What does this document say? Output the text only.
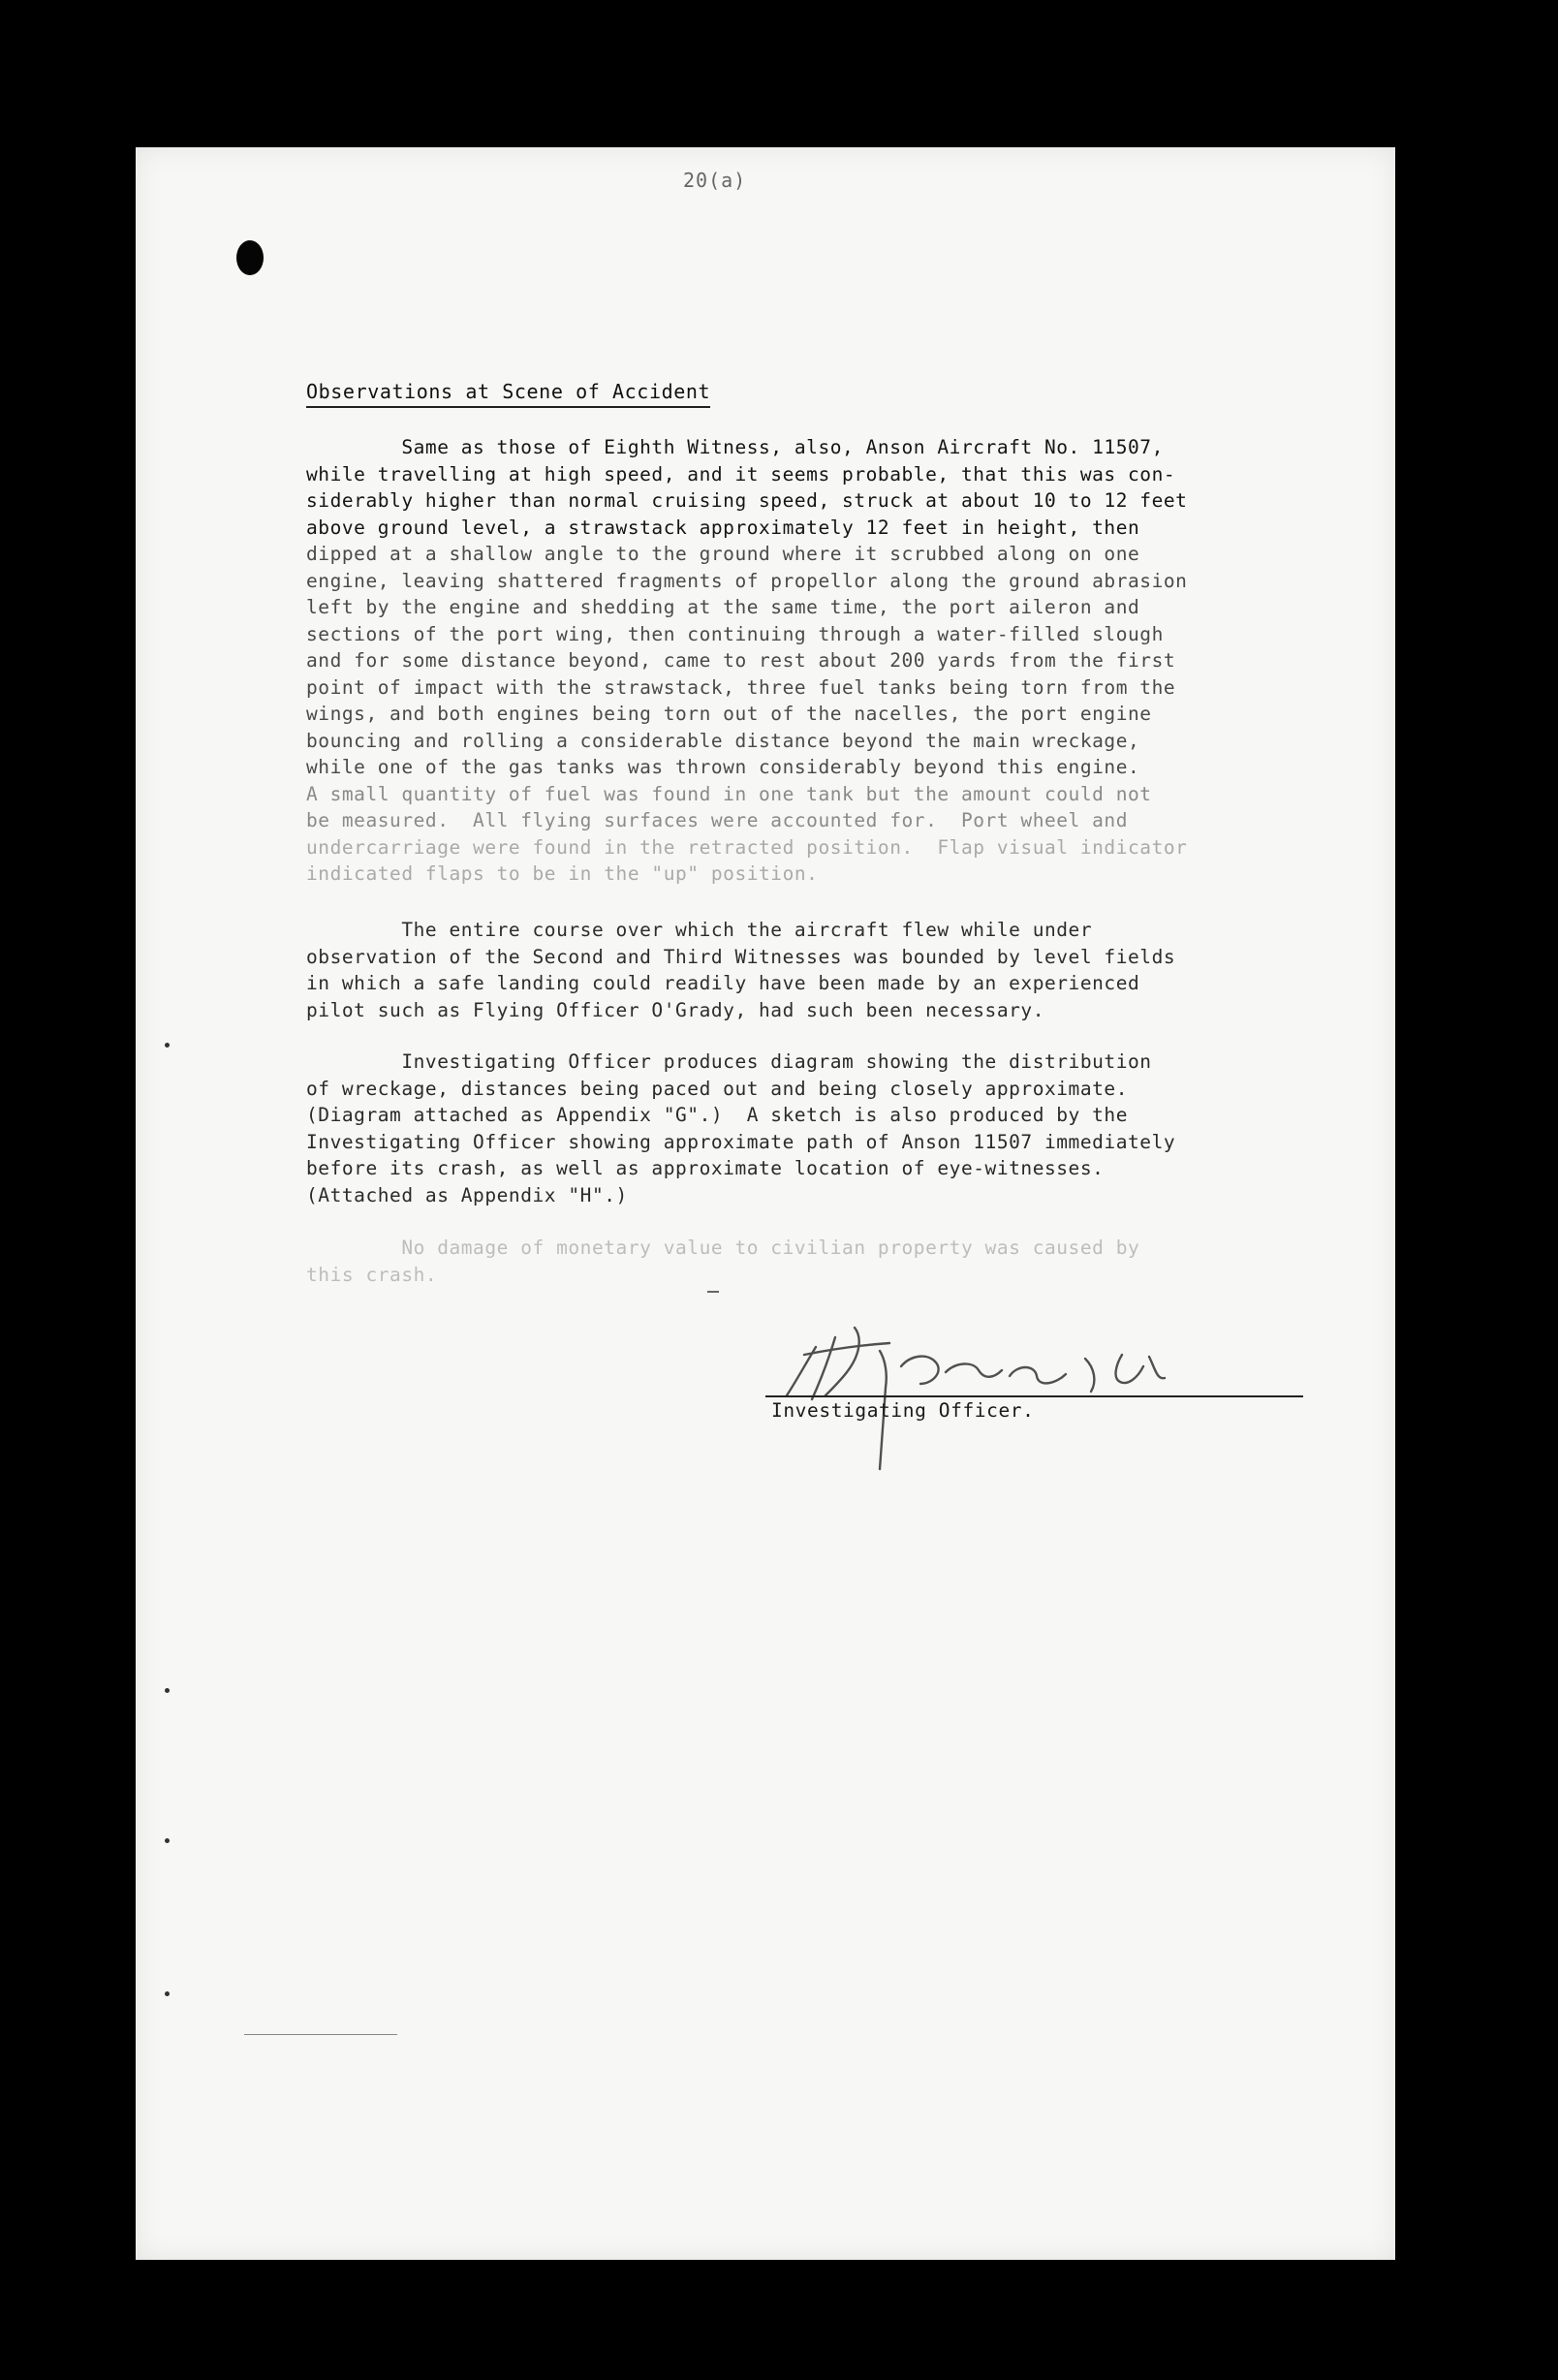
20(a)
Observations at Scene of Accident
Same as those of Eighth Witness, also, Anson Aircraft No. 11507,
while travelling at high speed, and it seems probable, that this was con-
siderably higher than normal cruising speed, struck at about 10 to 12 feet
above ground level, a strawstack approximately 12 feet in height, then
dipped at a shallow angle to the ground where it scrubbed along on one
engine, leaving shattered fragments of propellor along the ground abrasion
left by the engine and shedding at the same time, the port aileron and
sections of the port wing, then continuing through a water-filled slough
and for some distance beyond, came to rest about 200 yards from the first
point of impact with the strawstack, three fuel tanks being torn from the
wings, and both engines being torn out of the nacelles, the port engine
bouncing and rolling a considerable distance beyond the main wreckage,
while one of the gas tanks was thrown considerably beyond this engine.
A small quantity of fuel was found in one tank but the amount could not
be measured.  All flying surfaces were accounted for.  Port wheel and
undercarriage were found in the retracted position.  Flap visual indicator
indicated flaps to be in the "up" position.
The entire course over which the aircraft flew while under
observation of the Second and Third Witnesses was bounded by level fields
in which a safe landing could readily have been made by an experienced
pilot such as Flying Officer O'Grady, had such been necessary.
Investigating Officer produces diagram showing the distribution
of wreckage, distances being paced out and being closely approximate.
(Diagram attached as Appendix "G".)  A sketch is also produced by the
Investigating Officer showing approximate path of Anson 11507 immediately
before its crash, as well as approximate location of eye-witnesses.
(Attached as Appendix "H".)
No damage of monetary value to civilian property was caused by
this crash.
Investigating Officer.
